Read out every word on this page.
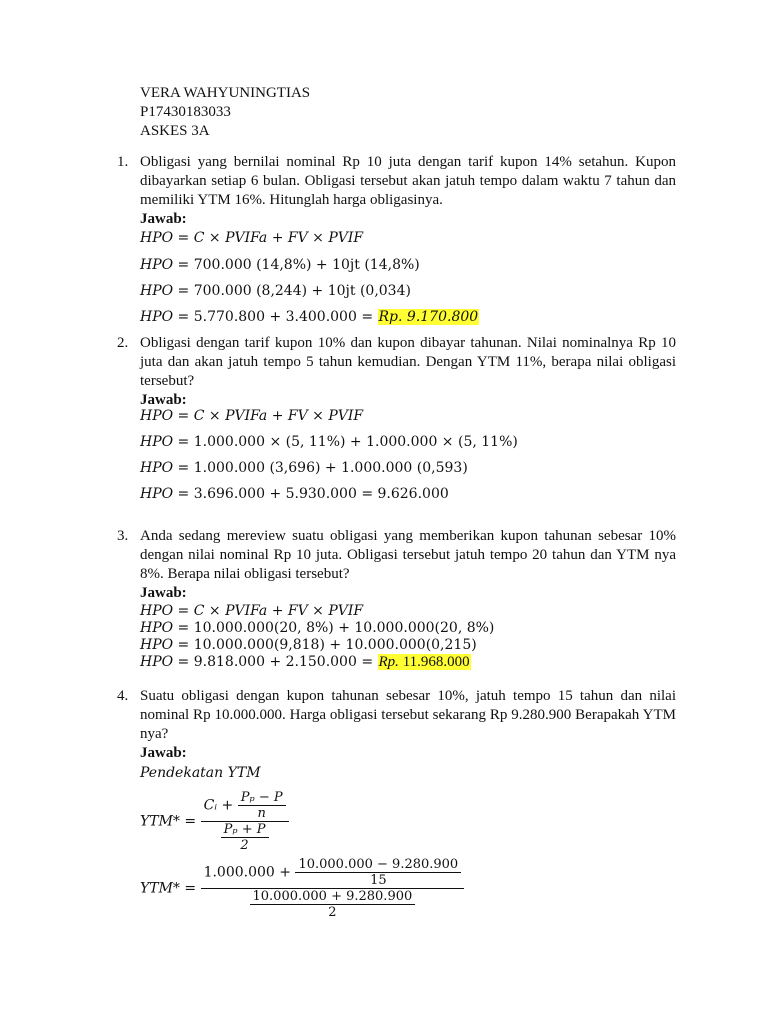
VERA WAHYUNINGTIAS
P17430183033
ASKES 3A
1. Obligasi yang bernilai nominal Rp 10 juta dengan tarif kupon 14% setahun. Kupon dibayarkan setiap 6 bulan. Obligasi tersebut akan jatuh tempo dalam waktu 7 tahun dan memiliki YTM 16%. Hitunglah harga obligasinya.
Jawab:
HPO = C × PVIFa + FV × PVIF
HPO = 700.000 (14,8%) + 10jt (14,8%)
HPO = 700.000 (8,244) + 10jt (0,034)
HPO = 5.770.800 + 3.400.000 = Rp. 9.170.800
2. Obligasi dengan tarif kupon 10% dan kupon dibayar tahunan. Nilai nominalnya Rp 10 juta dan akan jatuh tempo 5 tahun kemudian. Dengan YTM 11%, berapa nilai obligasi tersebut?
Jawab:
HPO = C × PVIFa + FV × PVIF
HPO = 1.000.000 × (5, 11%) + 1.000.000 × (5, 11%)
HPO = 1.000.000 (3,696) + 1.000.000 (0,593)
HPO = 3.696.000 + 5.930.000 = 9.626.000
3. Anda sedang mereview suatu obligasi yang memberikan kupon tahunan sebesar 10% dengan nilai nominal Rp 10 juta. Obligasi tersebut jatuh tempo 20 tahun dan YTM nya 8%. Berapa nilai obligasi tersebut?
Jawab:
HPO = C × PVIFa + FV × PVIF
HPO = 10.000.000(20, 8%) + 10.000.000(20, 8%)
HPO = 10.000.000(9,818) + 10.000.000(0,215)
HPO = 9.818.000 + 2.150.000 = Rp. 11.968.000
4. Suatu obligasi dengan kupon tahunan sebesar 10%, jatuh tempo 15 tahun dan nilai nominal Rp 10.000.000. Harga obligasi tersebut sekarang Rp 9.280.900 Berapakah YTM nya?
Jawab:
Pendekatan YTM
$YTM* = \frac{Cᵢ + \frac{\text{Pₚ − P}}{n}}{\frac{\text{Pₚ + P}}{2}}$
YTM* =
$1.000.000 + \frac{10.000.000 - 9.280.900}{15}$
$\frac{10.000.000 + 9.280.900}{2}$
